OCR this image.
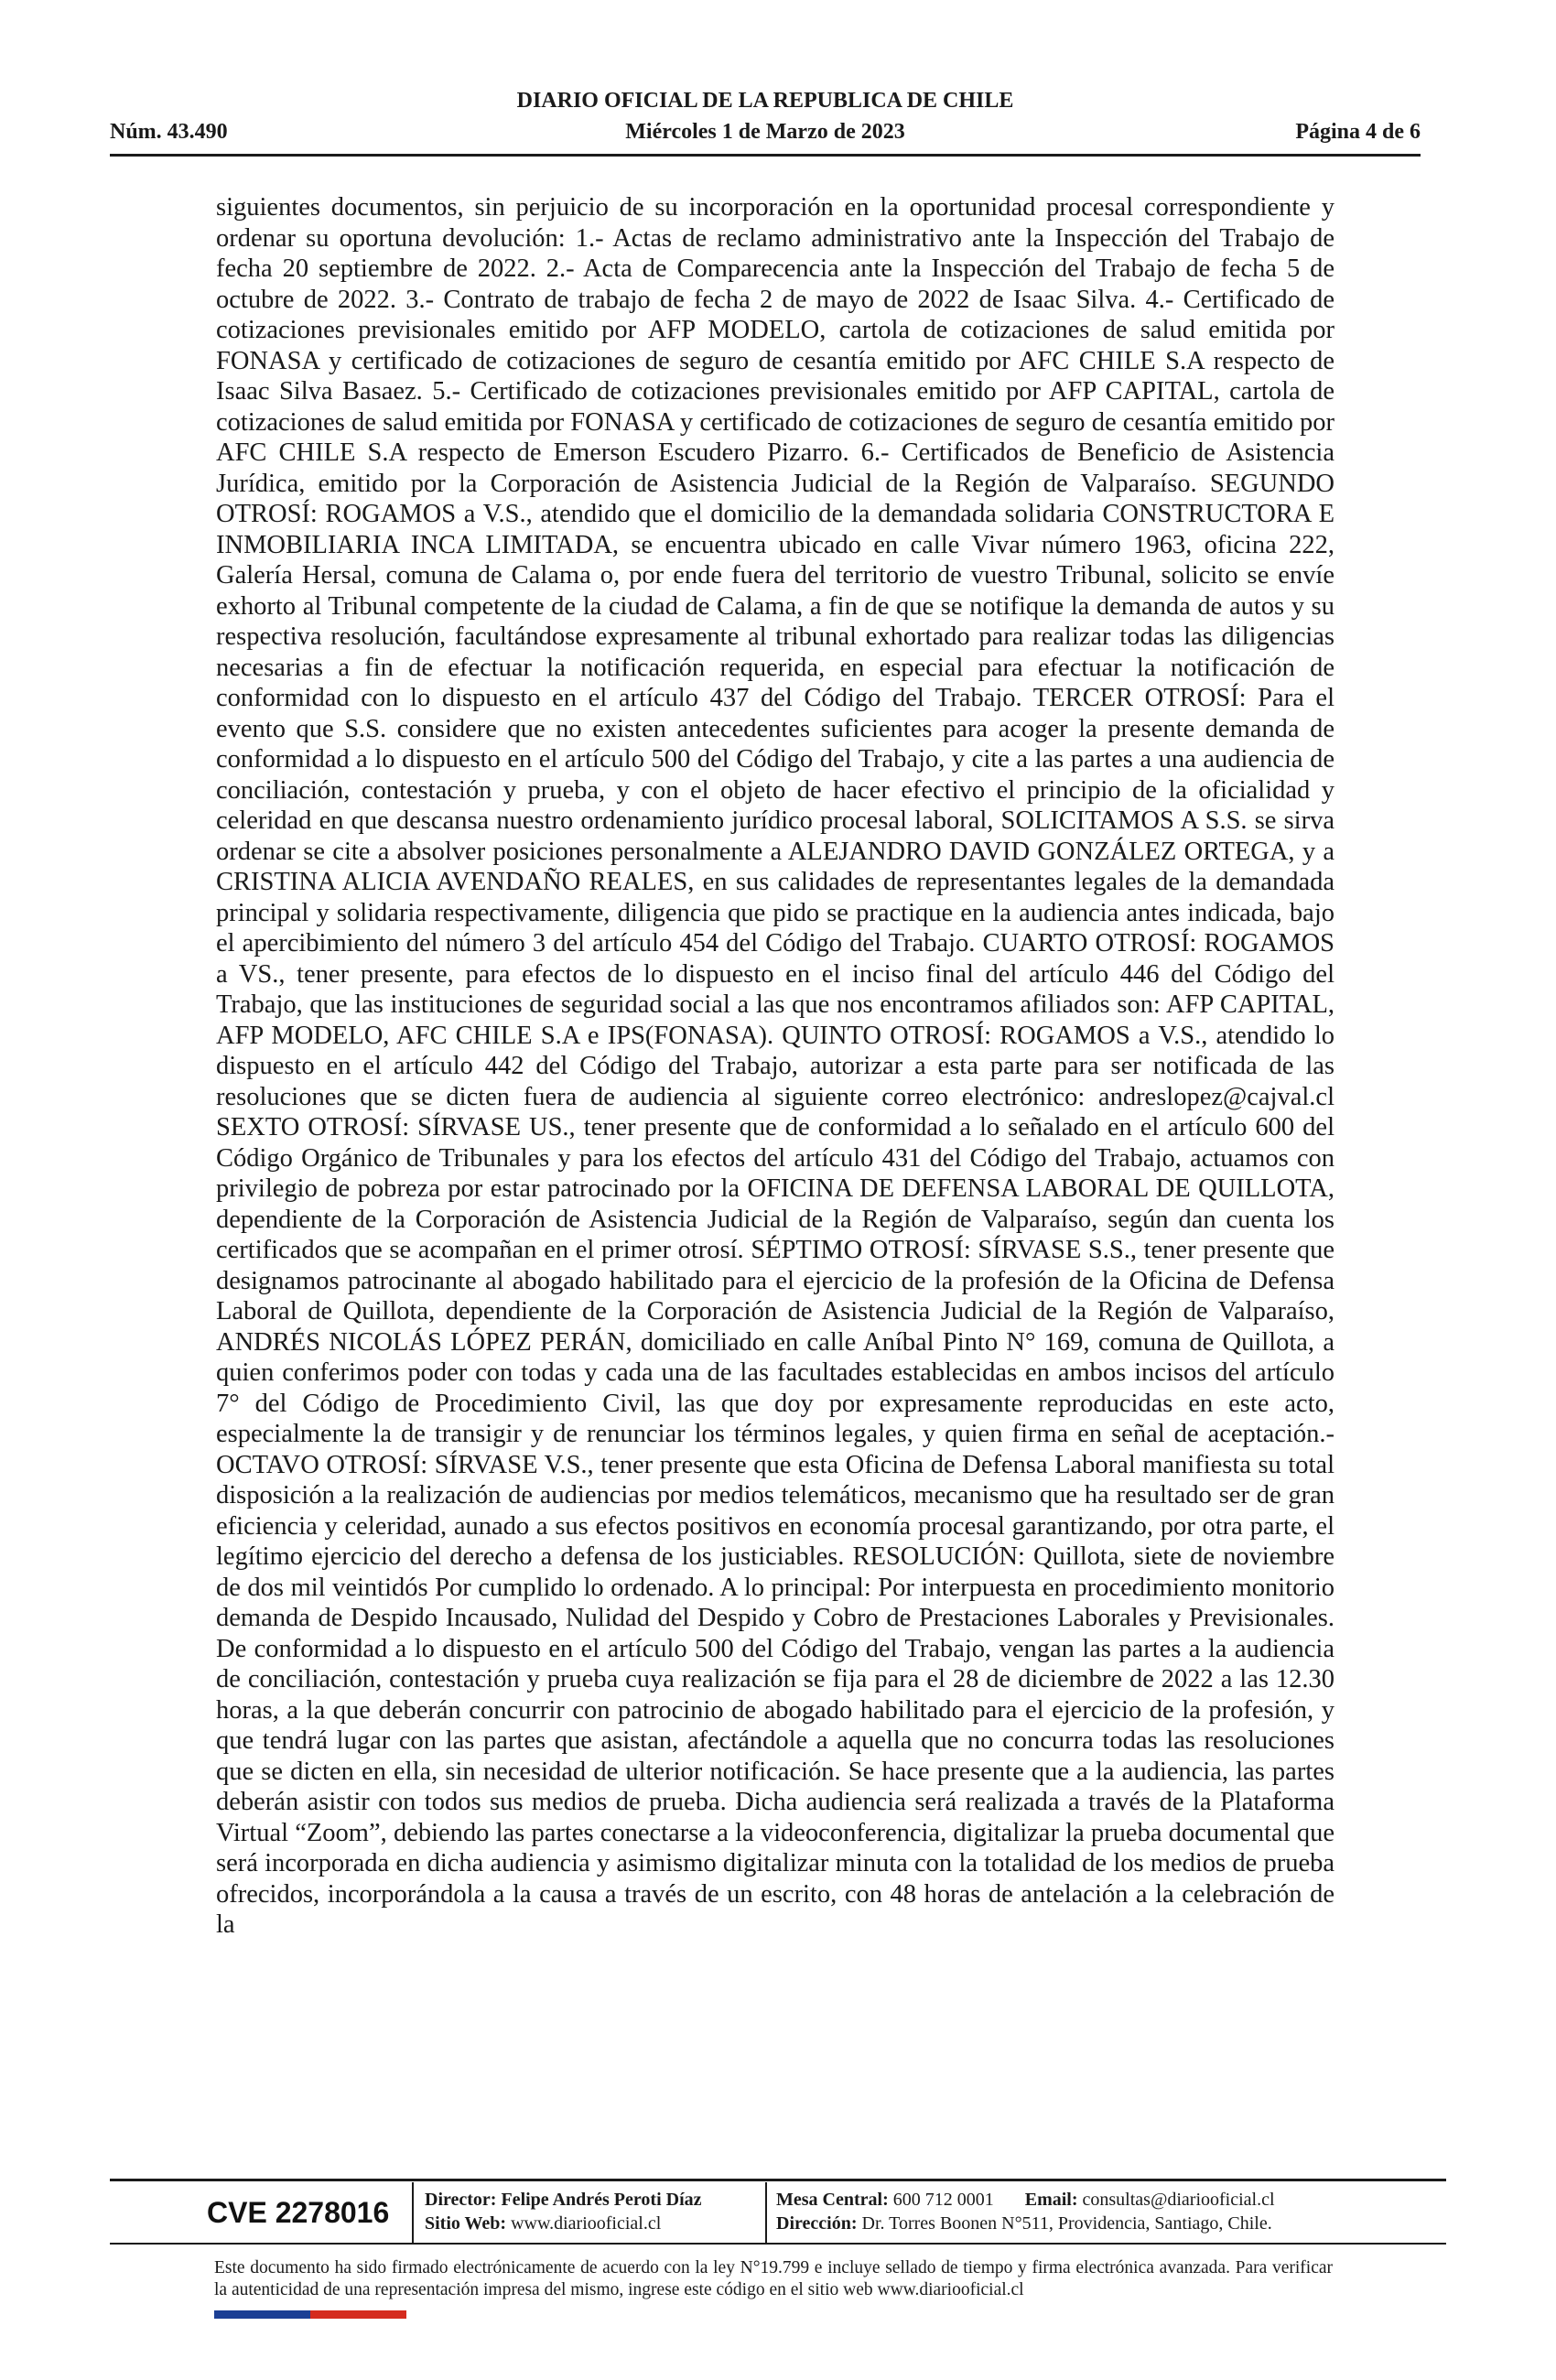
DIARIO OFICIAL DE LA REPUBLICA DE CHILE
Núm. 43.490	Miércoles 1 de Marzo de 2023	Página 4 de 6

siguientes documentos, sin perjuicio de su incorporación en la oportunidad procesal correspondiente y ordenar su oportuna devolución: 1.- Actas de reclamo administrativo ante la Inspección del Trabajo de fecha 20 septiembre de 2022. 2.- Acta de Comparecencia ante la Inspección del Trabajo de fecha 5 de octubre de 2022. 3.- Contrato de trabajo de fecha 2 de mayo de 2022 de Isaac Silva. 4.- Certificado de cotizaciones previsionales emitido por AFP MODELO, cartola de cotizaciones de salud emitida por FONASA y certificado de cotizaciones de seguro de cesantía emitido por AFC CHILE S.A respecto de Isaac Silva Basaez. 5.- Certificado de cotizaciones previsionales emitido por AFP CAPITAL, cartola de cotizaciones de salud emitida por FONASA y certificado de cotizaciones de seguro de cesantía emitido por AFC CHILE S.A respecto de Emerson Escudero Pizarro. 6.- Certificados de Beneficio de Asistencia Jurídica, emitido por la Corporación de Asistencia Judicial de la Región de Valparaíso. SEGUNDO OTROSÍ: ROGAMOS a V.S., atendido que el domicilio de la demandada solidaria CONSTRUCTORA E INMOBILIARIA INCA LIMITADA, se encuentra ubicado en calle Vivar número 1963, oficina 222, Galería Hersal, comuna de Calama o, por ende fuera del territorio de vuestro Tribunal, solicito se envíe exhorto al Tribunal competente de la ciudad de Calama, a fin de que se notifique la demanda de autos y su respectiva resolución, facultándose expresamente al tribunal exhortado para realizar todas las diligencias necesarias a fin de efectuar la notificación requerida, en especial para efectuar la notificación de conformidad con lo dispuesto en el artículo 437 del Código del Trabajo. TERCER OTROSÍ: Para el evento que S.S. considere que no existen antecedentes suficientes para acoger la presente demanda de conformidad a lo dispuesto en el artículo 500 del Código del Trabajo, y cite a las partes a una audiencia de conciliación, contestación y prueba, y con el objeto de hacer efectivo el principio de la oficialidad y celeridad en que descansa nuestro ordenamiento jurídico procesal laboral, SOLICITAMOS A S.S. se sirva ordenar se cite a absolver posiciones personalmente a ALEJANDRO DAVID GONZÁLEZ ORTEGA, y a CRISTINA ALICIA AVENDAÑO REALES, en sus calidades de representantes legales de la demandada principal y solidaria respectivamente, diligencia que pido se practique en la audiencia antes indicada, bajo el apercibimiento del número 3 del artículo 454 del Código del Trabajo. CUARTO OTROSÍ: ROGAMOS a VS., tener presente, para efectos de lo dispuesto en el inciso final del artículo 446 del Código del Trabajo, que las instituciones de seguridad social a las que nos encontramos afiliados son: AFP CAPITAL, AFP MODELO, AFC CHILE S.A e IPS(FONASA). QUINTO OTROSÍ: ROGAMOS a V.S., atendido lo dispuesto en el artículo 442 del Código del Trabajo, autorizar a esta parte para ser notificada de las resoluciones que se dicten fuera de audiencia al siguiente correo electrónico: andreslopez@cajval.cl SEXTO OTROSÍ: SÍRVASE US., tener presente que de conformidad a lo señalado en el artículo 600 del Código Orgánico de Tribunales y para los efectos del artículo 431 del Código del Trabajo, actuamos con privilegio de pobreza por estar patrocinado por la OFICINA DE DEFENSA LABORAL DE QUILLOTA, dependiente de la Corporación de Asistencia Judicial de la Región de Valparaíso, según dan cuenta los certificados que se acompañan en el primer otrosí. SÉPTIMO OTROSÍ: SÍRVASE S.S., tener presente que designamos patrocinante al abogado habilitado para el ejercicio de la profesión de la Oficina de Defensa Laboral de Quillota, dependiente de la Corporación de Asistencia Judicial de la Región de Valparaíso, ANDRÉS NICOLÁS LÓPEZ PERÁN, domiciliado en calle Aníbal Pinto N° 169, comuna de Quillota, a quien conferimos poder con todas y cada una de las facultades establecidas en ambos incisos del artículo 7° del Código de Procedimiento Civil, las que doy por expresamente reproducidas en este acto, especialmente la de transigir y de renunciar los términos legales, y quien firma en señal de aceptación.- OCTAVO OTROSÍ: SÍRVASE V.S., tener presente que esta Oficina de Defensa Laboral manifiesta su total disposición a la realización de audiencias por medios telemáticos, mecanismo que ha resultado ser de gran eficiencia y celeridad, aunado a sus efectos positivos en economía procesal garantizando, por otra parte, el legítimo ejercicio del derecho a defensa de los justiciables. RESOLUCIÓN: Quillota, siete de noviembre de dos mil veintidós Por cumplido lo ordenado. A lo principal: Por interpuesta en procedimiento monitorio demanda de Despido Incausado, Nulidad del Despido y Cobro de Prestaciones Laborales y Previsionales. De conformidad a lo dispuesto en el artículo 500 del Código del Trabajo, vengan las partes a la audiencia de conciliación, contestación y prueba cuya realización se fija para el 28 de diciembre de 2022 a las 12.30 horas, a la que deberán concurrir con patrocinio de abogado habilitado para el ejercicio de la profesión, y que tendrá lugar con las partes que asistan, afectándole a aquella que no concurra todas las resoluciones que se dicten en ella, sin necesidad de ulterior notificación. Se hace presente que a la audiencia, las partes deberán asistir con todos sus medios de prueba. Dicha audiencia será realizada a través de la Plataforma Virtual “Zoom”, debiendo las partes conectarse a la videoconferencia, digitalizar la prueba documental que será incorporada en dicha audiencia y asimismo digitalizar minuta con la totalidad de los medios de prueba ofrecidos, incorporándola a la causa a través de un escrito, con 48 horas de antelación a la celebración de la

CVE 2278016	Director: Felipe Andrés Peroti Díaz
Sitio Web: www.diariooficial.cl
Mesa Central: 600 712 0001 Email: consultas@diariooficial.cl
Dirección: Dr. Torres Boonen N°511, Providencia, Santiago, Chile.

Este documento ha sido firmado electrónicamente de acuerdo con la ley N°19.799 e incluye sellado de tiempo y firma electrónica avanzada. Para verificar la autenticidad de una representación impresa del mismo, ingrese este código en el sitio web www.diariooficial.cl
